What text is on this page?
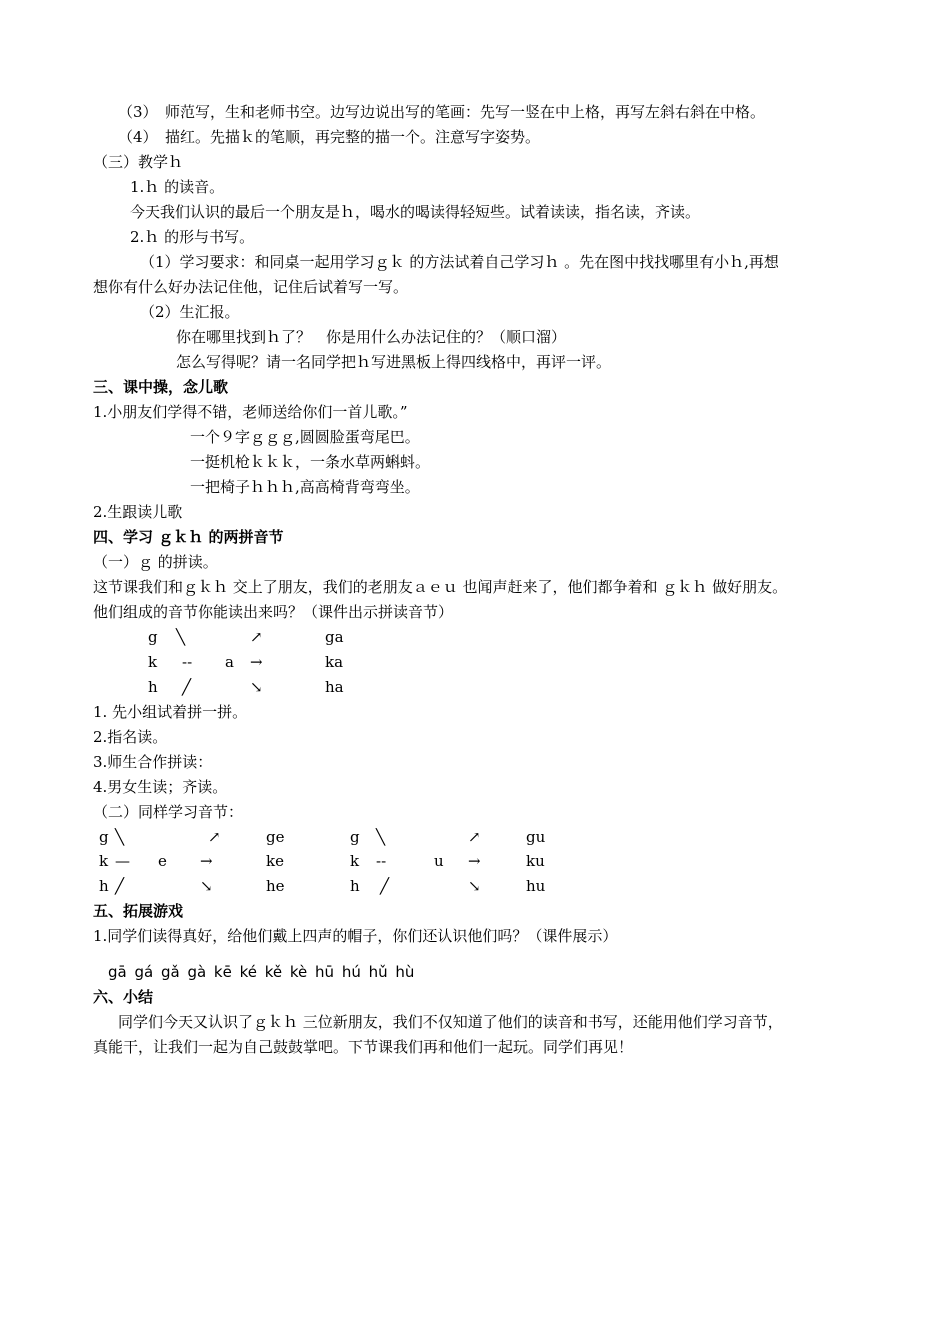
（3）　师范写，生和老师书空。边写边说出写的笔画：先写一竖在中上格，再写左斜右斜在中格。
（4）　描红。先描ｋ的笔顺，再完整的描一个。注意写字姿势。
（三）教学ｈ
1.ｈ 的读音。
今天我们认识的最后一个朋友是ｈ，喝水的喝读得轻短些。试着读读，指名读，齐读。
2.ｈ 的形与书写。
（1）学习要求：和同桌一起用学习ｇｋ 的方法试着自己学习ｈ 。先在图中找找哪里有小ｈ,再想
想你有什么好办法记住他，记住后试着写一写。
（2）生汇报。
你在哪里找到ｈ了？　你是用什么办法记住的？（顺口溜）
怎么写得呢？请一名同学把ｈ写进黑板上得四线格中，再评一评。
三、课中操，念儿歌
1.小朋友们学得不错，老师送给你们一首儿歌。”
一个９字ｇｇｇ,圆圆脸蛋弯尾巴。
一挺机枪ｋｋｋ，一条水草两蝌蚪。
一把椅子ｈｈｈ,高高椅背弯弯坐。
2.生跟读儿歌
四、学习 ｇｋｈ 的两拼音节
（一）ｇ 的拼读。
这节课我们和ｇｋｈ 交上了朋友，我们的老朋友ａｅｕ 也闻声赶来了，他们都争着和 ｇｋｈ 做好朋友。
他们组成的音节你能读出来吗？（课件出示拼读音节）
g
k
h
╲
--
╱
a
↗
→
↘
ga
ka
ha
1. 先小组试着拼一拼。
2.指名读。
3.师生合作拼读：
4.男女生读；齐读。
（二）同样学习音节：
g
k
h
╲
—
╱
e
↗
→
↘
ge
ke
he
g
k
h
╲
--
╱
u
↗
→
↘
gu
ku
hu
五、拓展游戏
1.同学们读得真好，给他们戴上四声的帽子，你们还认识他们吗？（课件展示）
gā gá gǎ gà kē ké kě kè hū hú hǔ hù
六、小结
同学们今天又认识了ｇｋｈ 三位新朋友，我们不仅知道了他们的读音和书写，还能用他们学习音节，
真能干，让我们一起为自己鼓鼓掌吧。下节课我们再和他们一起玩。同学们再见！
